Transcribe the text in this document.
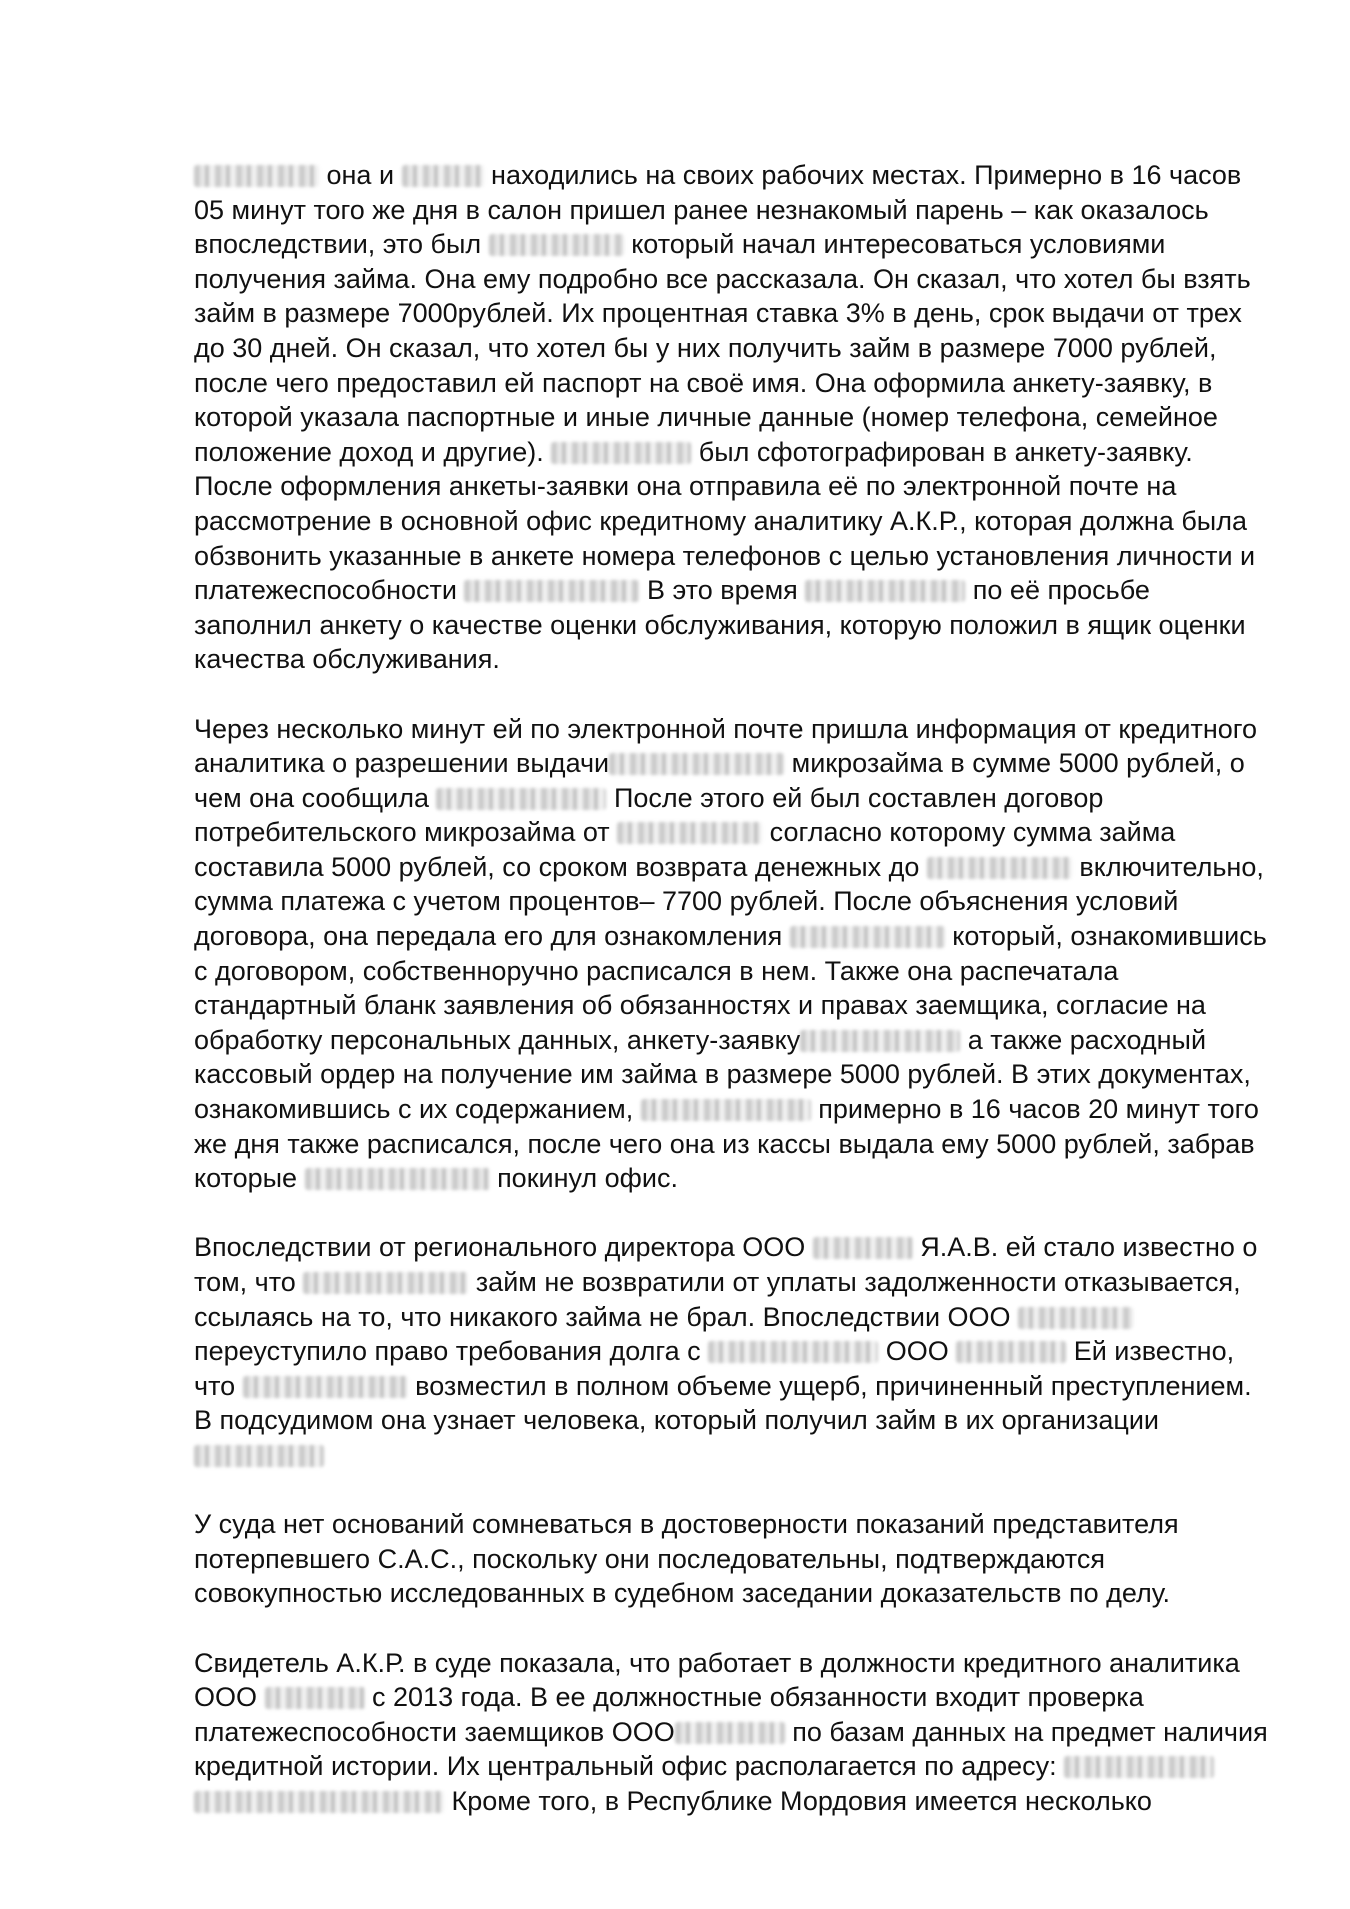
она и	находились на своих рабочих местах. Примерно в 16 часов 05 минут того же дня в салон пришел ранее незнакомый парень – как оказалось впоследствии, это был	который начал интересоваться условиями получения займа. Она ему подробно все рассказала. Он сказал, что хотел бы взять займ в размере 7000рублей. Их процентная ставка 3% в день, срок выдачи от трех до 30 дней. Он сказал, что хотел бы у них получить займ в размере 7000 рублей, после чего предоставил ей паспорт на своё имя. Она оформила анкету-заявку, в которой указала паспортные и иные личные данные (номер телефона, семейное положение доход и другие).	был сфотографирован в анкету-заявку. После оформления анкеты-заявки она отправила её по электронной почте на рассмотрение в основной офис кредитному аналитику А.К.Р., которая должна была обзвонить указанные в анкете номера телефонов с целью установления личности и платежеспособности	В это время	по её просьбе заполнил анкету о качестве оценки обслуживания, которую положил в ящик оценки качества обслуживания.

Через несколько минут ей по электронной почте пришла информация от кредитного аналитика о разрешении выдачи	микрозайма в сумме 5000 рублей, о чем она сообщила	После этого ей был составлен договор потребительского микрозайма от	согласно которому сумма займа составила 5000 рублей, со сроком возврата денежных до	включительно, сумма платежа с учетом процентов– 7700 рублей. После объяснения условий договора, она передала его для ознакомления	который, ознакомившись с договором, собственноручно расписался в нем. Также она распечатала стандартный бланк заявления об обязанностях и правах заемщика, согласие на обработку персональных данных, анкету-заявку	а также расходный кассовый ордер на получение им займа в размере 5000 рублей. В этих документах, ознакомившись с их содержанием,	примерно в 16 часов 20 минут того же дня также расписался, после чего она из кассы выдала ему 5000 рублей, забрав которые	покинул офис.

Впоследствии от регионального директора ООО	Я.А.В. ей стало известно о том, что	займ не возвратили от уплаты задолженности отказывается, ссылаясь на то, что никакого займа не брал. Впоследствии ООО  переуступило право требования долга с	ООО	Ей известно, что	возместил в полном объеме ущерб, причиненный преступлением. В подсудимом она узнает человека, который получил займ в их организации

У суда нет оснований сомневаться в достоверности показаний представителя потерпевшего С.А.С., поскольку они последовательны, подтверждаются совокупностью исследованных в судебном заседании доказательств по делу.

Свидетель А.К.Р. в суде показала, что работает в должности кредитного аналитика ООО	с 2013 года. В ее должностные обязанности входит проверка платежеспособности заемщиков ООО	по базам данных на предмет наличия кредитной истории. Их центральный офис располагается по адресу:   Кроме того, в Республике Мордовия имеется несколько
